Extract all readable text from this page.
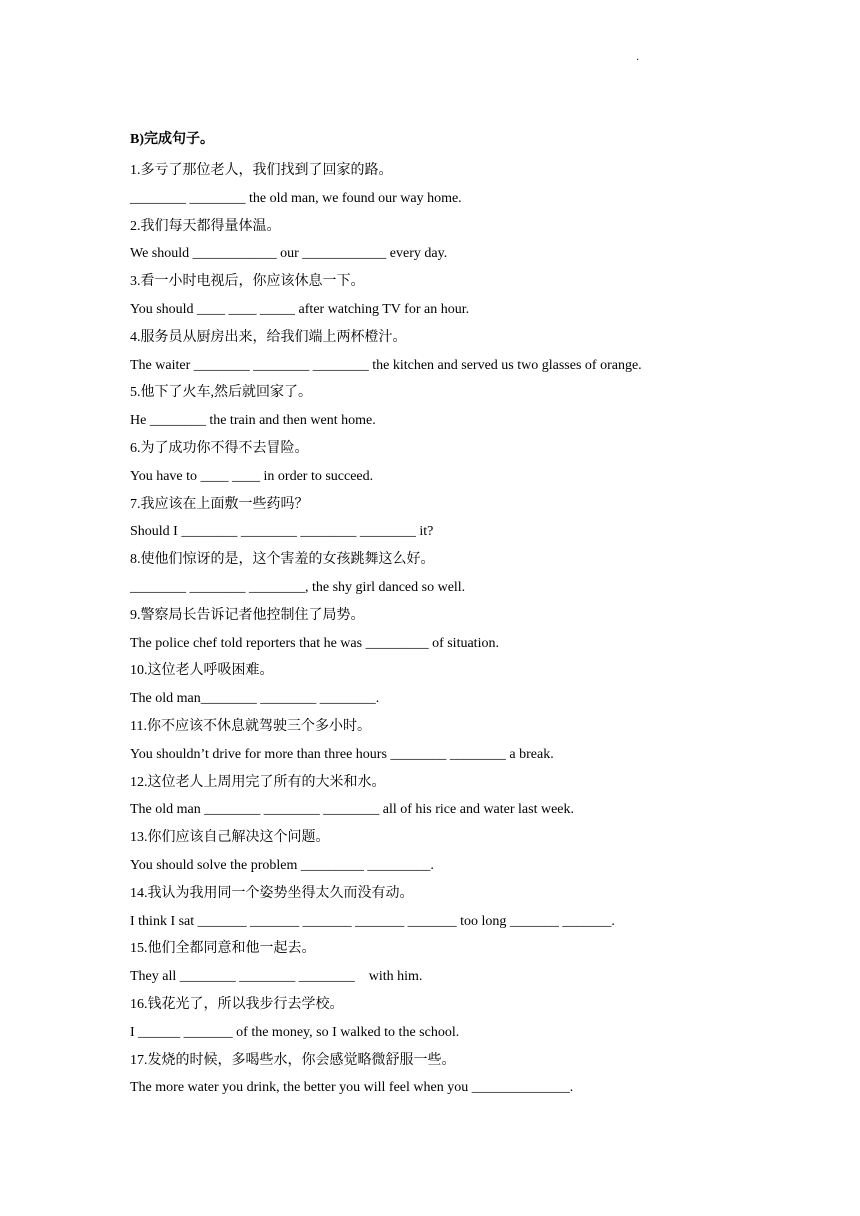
·
B)完成句子。
1.多亏了那位老人，我们找到了回家的路。
________ ________ the old man, we found our way home.
2.我们每天都得量体温。
We should ____________ our ____________ every day.
3.看一小时电视后，你应该休息一下。
You should ____ ____ _____ after watching TV for an hour.
4.服务员从厨房出来，给我们端上两杯橙汁。
The waiter ________ ________ ________ the kitchen and served us two glasses of orange.
5.他下了火车,然后就回家了。
He ________ the train and then went home.
6.为了成功你不得不去冒险。
You have to ____ ____ in order to succeed.
7.我应该在上面敷一些药吗？
Should I ________ ________ ________ ________ it?
8.使他们惊讶的是，这个害羞的女孩跳舞这么好。
________ ________ ________, the shy girl danced so well.
9.警察局长告诉记者他控制住了局势。
The police chef told reporters that he was _________ of situation.
10.这位老人呼吸困难。
The old man________ ________ ________.
11.你不应该不休息就驾驶三个多小时。
You shouldn’t drive for more than three hours ________ ________ a break.
12.这位老人上周用完了所有的大米和水。
The old man ________ ________ ________ all of his rice and water last week.
13.你们应该自己解决这个问题。
You should solve the problem _________ _________.
14.我认为我用同一个姿势坐得太久而没有动。
I think I sat _______ _______ _______ _______ _______ too long _______ _______.
15.他们全都同意和他一起去。
They all ________ ________ ________    with him.
16.钱花光了，所以我步行去学校。
I ______ _______ of the money, so I walked to the school.
17.发烧的时候，多喝些水，你会感觉略微舒服一些。
The more water you drink, the better you will feel when you ______________.
